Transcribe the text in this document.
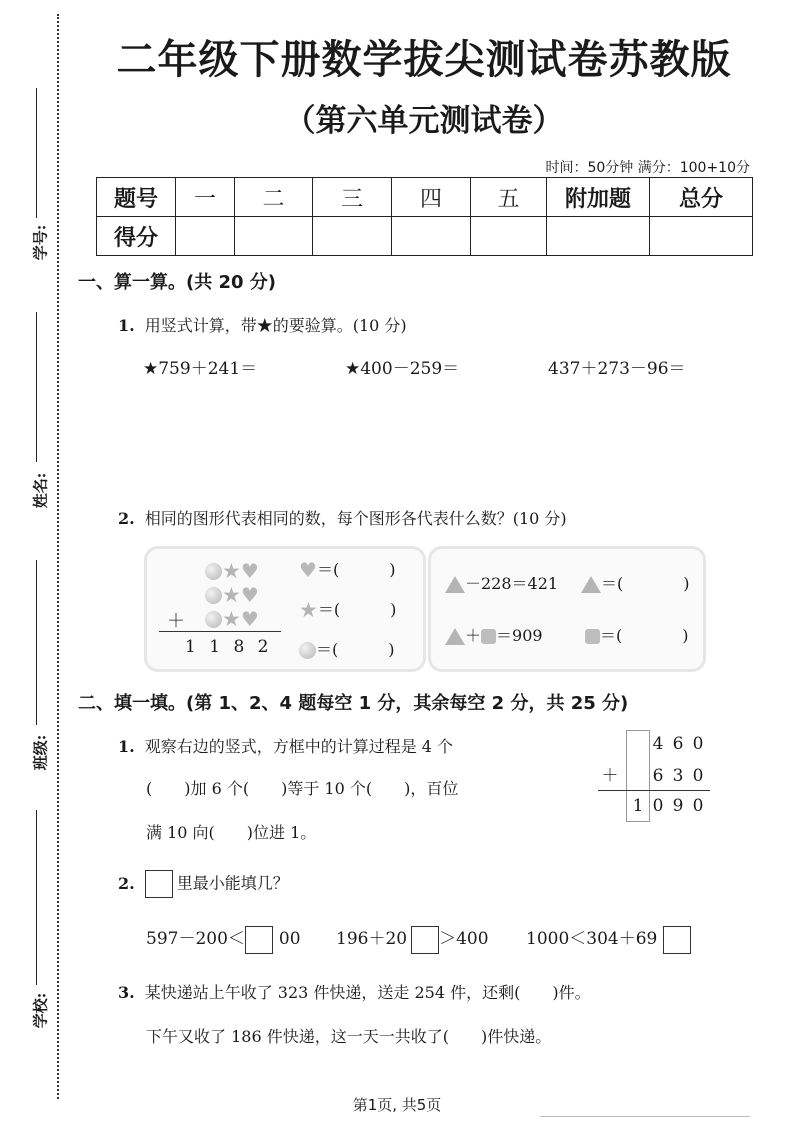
学号:
姓名:
班级:
学校:
二年级下册数学拔尖测试卷苏教版
（第六单元测试卷）
时间：50分钟 满分：100+10分
题号	一	二	三	四	五	附加题	总分
得分							
一、算一算。(共 20 分)
1. 用竖式计算，带★的要验算。(10 分)
★759＋241＝	★400－259＝	437＋273－96＝
2. 相同的图形代表相同的数，每个图形各代表什么数？(10 分)
★♥
★♥
＋	★♥
1 1 8 2
♥＝(	)
★＝(	)
＝(	)
－228＝421	＝(	)
＋ ＝909	＝(	)
二、填一填。(第 1、2、4 题每空 1 分，其余每空 2 分，共 25 分)
1. 观察右边的竖式，方框中的计算过程是 4 个
(　　)加 6 个(　　)等于 10 个(　　)，百位
满 10 向(　　)位进 1。
4 6 0
＋ 6 3 0
1 0 9 0
2.	里最小能填几？
597－200＜ 00 196＋20 ＞400 1000＜304＋69
3. 某快递站上午收了 323 件快递，送走 254 件，还剩(　　)件。
下午又收了 186 件快递，这一天一共收了(　　)件快递。
第1页, 共5页
